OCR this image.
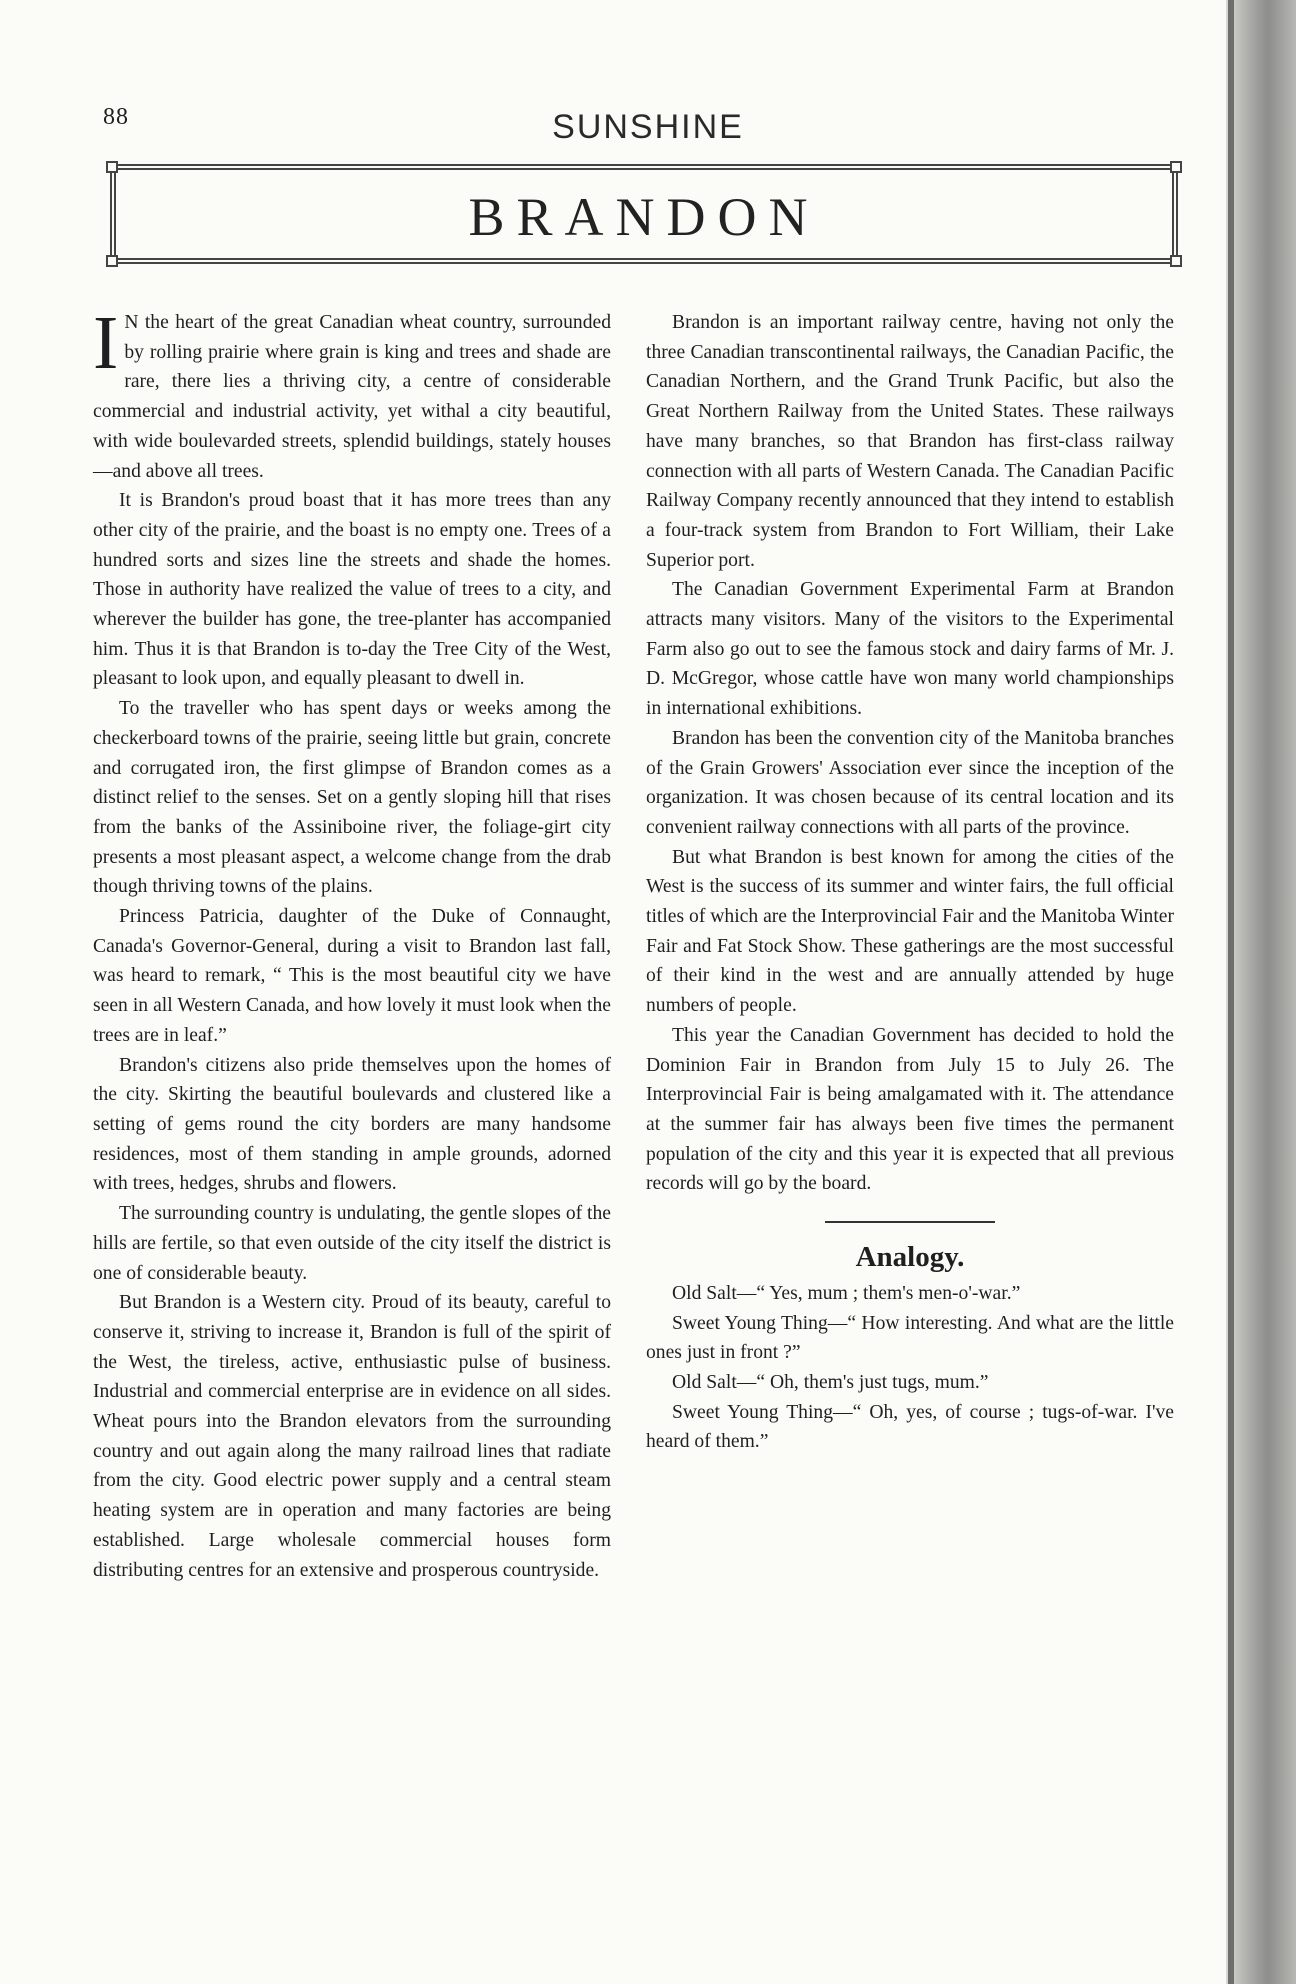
88	SUNSHINE
BRANDON

I N the heart of the great Canadian wheat country, surrounded by rolling prairie where grain is king and trees and shade are rare, there lies a thriving city, a centre of considerable commercial and industrial activity, yet withal a city beautiful, with wide boulevarded streets, splendid buildings, stately houses—and above all trees.

It is Brandon's proud boast that it has more trees than any other city of the prairie, and the boast is no empty one. Trees of a hundred sorts and sizes line the streets and shade the homes. Those in authority have realized the value of trees to a city, and wherever the builder has gone, the tree-planter has accompanied him. Thus it is that Brandon is to-day the Tree City of the West, pleasant to look upon, and equally pleasant to dwell in.

To the traveller who has spent days or weeks among the checkerboard towns of the prairie, seeing little but grain, concrete and corrugated iron, the first glimpse of Brandon comes as a distinct relief to the senses. Set on a gently sloping hill that rises from the banks of the Assiniboine river, the foliage-girt city presents a most pleasant aspect, a welcome change from the drab though thriving towns of the plains.

Princess Patricia, daughter of the Duke of Connaught, Canada's Governor-General, during a visit to Brandon last fall, was heard to remark, “ This is the most beautiful city we have seen in all Western Canada, and how lovely it must look when the trees are in leaf.”

Brandon's citizens also pride themselves upon the homes of the city. Skirting the beautiful boulevards and clustered like a setting of gems round the city borders are many handsome residences, most of them standing in ample grounds, adorned with trees, hedges, shrubs and flowers.

The surrounding country is undulating, the gentle slopes of the hills are fertile, so that even outside of the city itself the district is one of considerable beauty.

But Brandon is a Western city. Proud of its beauty, careful to conserve it, striving to increase it, Brandon is full of the spirit of the West, the tireless, active, enthusiastic pulse of business. Industrial and commercial enterprise are in evidence on all sides. Wheat pours into the Brandon elevators from the surrounding country and out again along the many railroad lines that radiate from the city. Good electric power supply and a central steam heating system are in operation and many factories are being established. Large wholesale commercial houses form distributing centres for an extensive and prosperous countryside.

Brandon is an important railway centre, having not only the three Canadian transcontinental railways, the Canadian Pacific, the Canadian Northern, and the Grand Trunk Pacific, but also the Great Northern Railway from the United States. These railways have many branches, so that Brandon has first-class railway connection with all parts of Western Canada. The Canadian Pacific Railway Company recently announced that they intend to establish a four-track system from Brandon to Fort William, their Lake Superior port.

The Canadian Government Experimental Farm at Brandon attracts many visitors. Many of the visitors to the Experimental Farm also go out to see the famous stock and dairy farms of Mr. J. D. McGregor, whose cattle have won many world championships in international exhibitions.

Brandon has been the convention city of the Manitoba branches of the Grain Growers' Association ever since the inception of the organization. It was chosen because of its central location and its convenient railway connections with all parts of the province.

But what Brandon is best known for among the cities of the West is the success of its summer and winter fairs, the full official titles of which are the Interprovincial Fair and the Manitoba Winter Fair and Fat Stock Show. These gatherings are the most successful of their kind in the west and are annually attended by huge numbers of people.

This year the Canadian Government has decided to hold the Dominion Fair in Brandon from July 15 to July 26. The Interprovincial Fair is being amalgamated with it. The attendance at the summer fair has always been five times the permanent population of the city and this year it is expected that all previous records will go by the board.

Analogy.

Old Salt—“ Yes, mum ; them's men-o'-war.”

Sweet Young Thing—“ How interesting. And what are the little ones just in front ?”

Old Salt—“ Oh, them's just tugs, mum.”

Sweet Young Thing—“ Oh, yes, of course ; tugs-of-war. I've heard of them.”
